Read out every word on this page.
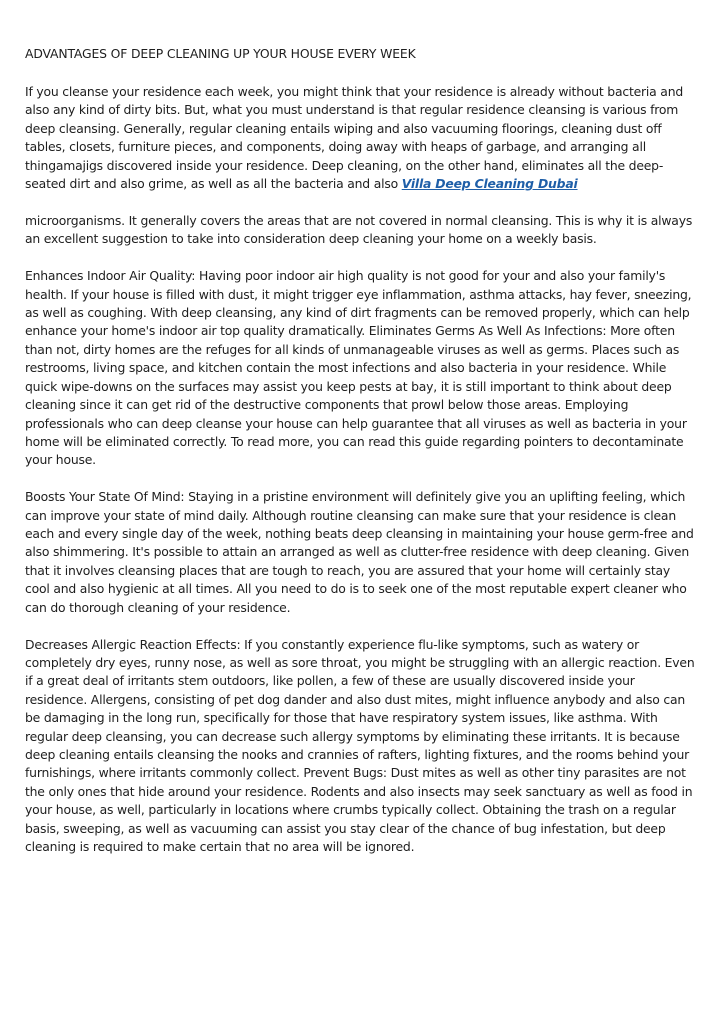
ADVANTAGES OF DEEP CLEANING UP YOUR HOUSE EVERY WEEK

If you cleanse your residence each week, you might think that your residence is already without bacteria and also any kind of dirty bits. But, what you must understand is that regular residence cleansing is various from deep cleansing. Generally, regular cleaning entails wiping and also vacuuming floorings, cleaning dust off tables, closets, furniture pieces, and components, doing away with heaps of garbage, and arranging all thingamajigs discovered inside your residence. Deep cleaning, on the other hand, eliminates all the deep-seated dirt and also grime, as well as all the bacteria and also Villa Deep Cleaning Dubai

microorganisms. It generally covers the areas that are not covered in normal cleansing. This is why it is always an excellent suggestion to take into consideration deep cleaning your home on a weekly basis.

Enhances Indoor Air Quality: Having poor indoor air high quality is not good for your and also your family's health. If your house is filled with dust, it might trigger eye inflammation, asthma attacks, hay fever, sneezing, as well as coughing. With deep cleansing, any kind of dirt fragments can be removed properly, which can help enhance your home's indoor air top quality dramatically. Eliminates Germs As Well As Infections: More often than not, dirty homes are the refuges for all kinds of unmanageable viruses as well as germs. Places such as restrooms, living space, and kitchen contain the most infections and also bacteria in your residence. While quick wipe-downs on the surfaces may assist you keep pests at bay, it is still important to think about deep cleaning since it can get rid of the destructive components that prowl below those areas. Employing professionals who can deep cleanse your house can help guarantee that all viruses as well as bacteria in your home will be eliminated correctly. To read more, you can read this guide regarding pointers to decontaminate your house.

Boosts Your State Of Mind: Staying in a pristine environment will definitely give you an uplifting feeling, which can improve your state of mind daily. Although routine cleansing can make sure that your residence is clean each and every single day of the week, nothing beats deep cleansing in maintaining your house germ-free and also shimmering. It's possible to attain an arranged as well as clutter-free residence with deep cleaning. Given that it involves cleansing places that are tough to reach, you are assured that your home will certainly stay cool and also hygienic at all times. All you need to do is to seek one of the most reputable expert cleaner who can do thorough cleaning of your residence.

Decreases Allergic Reaction Effects: If you constantly experience flu-like symptoms, such as watery or completely dry eyes, runny nose, as well as sore throat, you might be struggling with an allergic reaction. Even if a great deal of irritants stem outdoors, like pollen, a few of these are usually discovered inside your residence. Allergens, consisting of pet dog dander and also dust mites, might influence anybody and also can be damaging in the long run, specifically for those that have respiratory system issues, like asthma. With regular deep cleansing, you can decrease such allergy symptoms by eliminating these irritants. It is because deep cleaning entails cleansing the nooks and crannies of rafters, lighting fixtures, and the rooms behind your furnishings, where irritants commonly collect. Prevent Bugs: Dust mites as well as other tiny parasites are not the only ones that hide around your residence. Rodents and also insects may seek sanctuary as well as food in your house, as well, particularly in locations where crumbs typically collect. Obtaining the trash on a regular basis, sweeping, as well as vacuuming can assist you stay clear of the chance of bug infestation, but deep cleaning is required to make certain that no area will be ignored.
